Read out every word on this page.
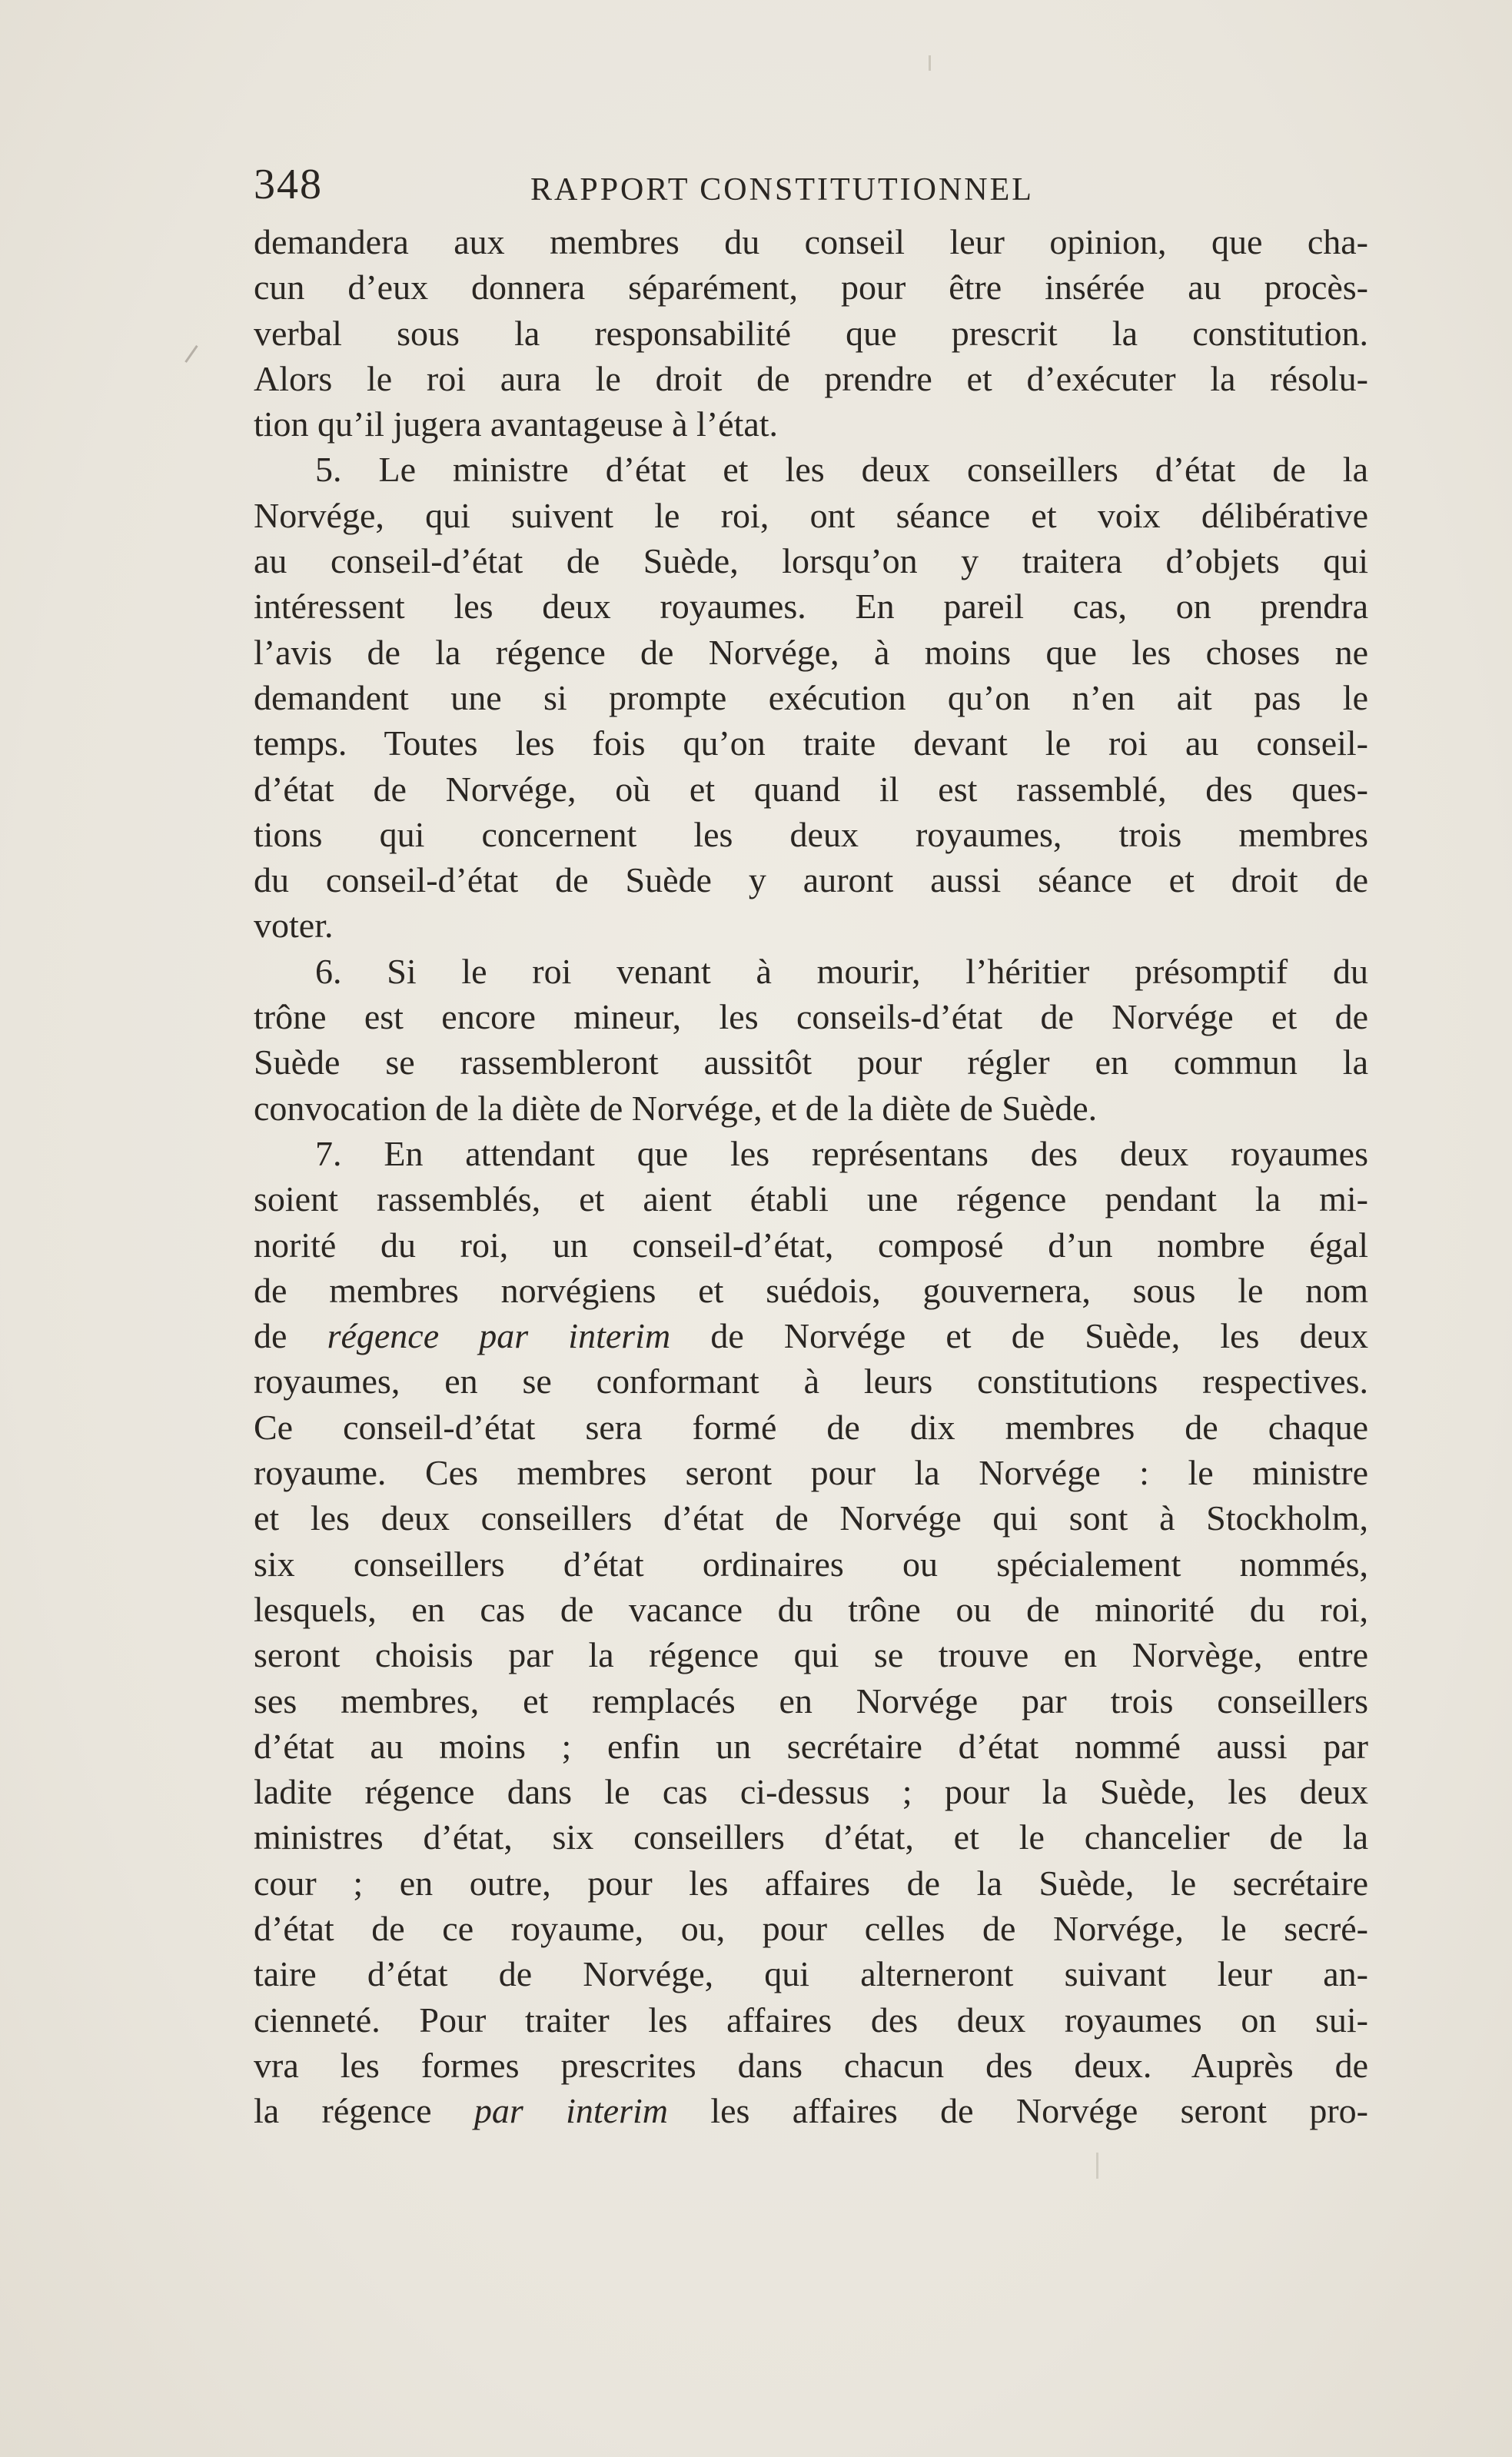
348	RAPPORT CONSTITUTIONNEL
demandera aux membres du conseil leur opinion, que cha-
cun d’eux donnera séparément, pour être insérée au procès-
verbal sous la responsabilité que prescrit la constitution.
Alors le roi aura le droit de prendre et d’exécuter la résolu-
tion qu’il jugera avantageuse à l’état.
5. Le ministre d’état et les deux conseillers d’état de la
Norvége, qui suivent le roi, ont séance et voix délibérative
au conseil-d’état de Suède, lorsqu’on y traitera d’objets qui
intéressent les deux royaumes. En pareil cas, on prendra
l’avis de la régence de Norvége, à moins que les choses ne
demandent une si prompte exécution qu’on n’en ait pas le
temps. Toutes les fois qu’on traite devant le roi au conseil-
d’état de Norvége, où et quand il est rassemblé, des ques-
tions qui concernent les deux royaumes, trois membres
du conseil-d’état de Suède y auront aussi séance et droit de
voter.
6. Si le roi venant à mourir, l’héritier présomptif du
trône est encore mineur, les conseils-d’état de Norvége et de
Suède se rassembleront aussitôt pour régler en commun la
convocation de la diète de Norvége, et de la diète de Suède.
7. En attendant que les représentans des deux royaumes
soient rassemblés, et aient établi une régence pendant la mi-
norité du roi, un conseil-d’état, composé d’un nombre égal
de membres norvégiens et suédois, gouvernera, sous le nom
de régence par interim de Norvége et de Suède, les deux
royaumes, en se conformant à leurs constitutions respectives.
Ce conseil-d’état sera formé de dix membres de chaque
royaume. Ces membres seront pour la Norvége : le ministre
et les deux conseillers d’état de Norvége qui sont à Stockholm,
six conseillers d’état ordinaires ou spécialement nommés,
lesquels, en cas de vacance du trône ou de minorité du roi,
seront choisis par la régence qui se trouve en Norvège, entre
ses membres, et remplacés en Norvége par trois conseillers
d’état au moins ; enfin un secrétaire d’état nommé aussi par
ladite régence dans le cas ci-dessus ; pour la Suède, les deux
ministres d’état, six conseillers d’état, et le chancelier de la
cour ; en outre, pour les affaires de la Suède, le secrétaire
d’état de ce royaume, ou, pour celles de Norvége, le secré-
taire d’état de Norvége, qui alterneront suivant leur an-
cienneté. Pour traiter les affaires des deux royaumes on sui-
vra les formes prescrites dans chacun des deux. Auprès de
la régence par interim les affaires de Norvége seront pro-
